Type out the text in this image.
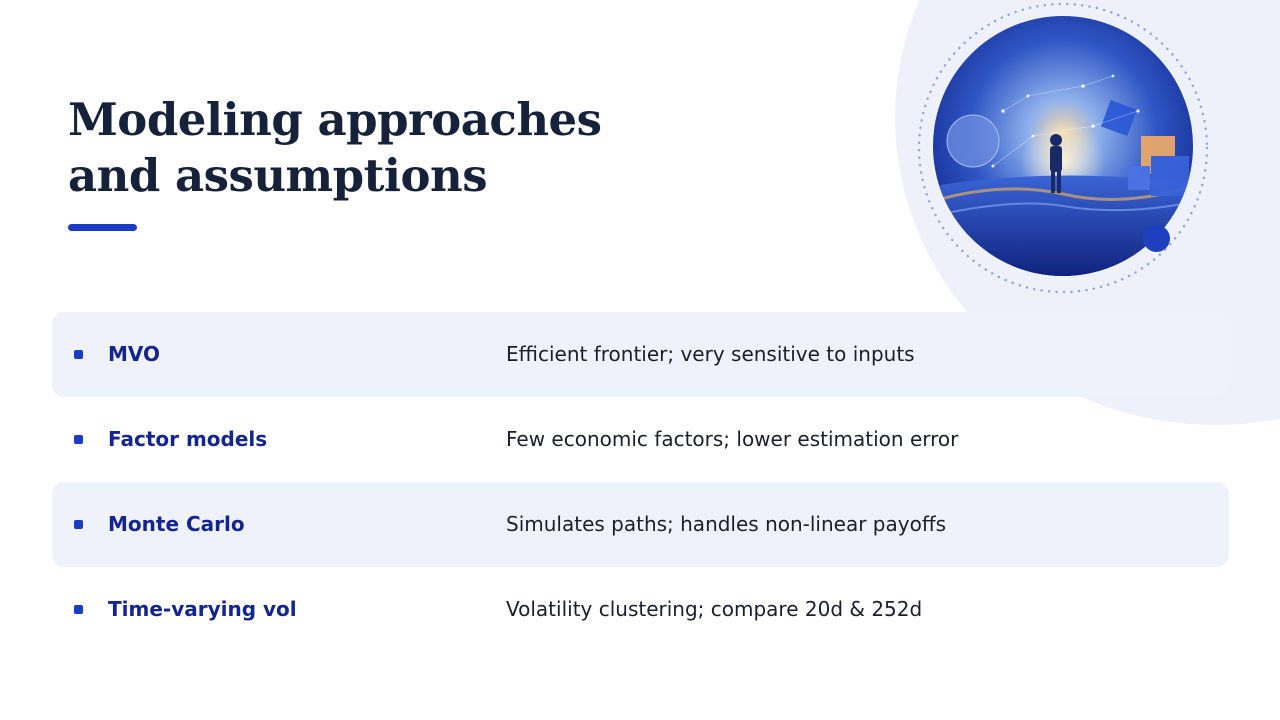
Modeling approaches and assumptions
MVO	Efficient frontier; very sensitive to inputs
Factor models	Few economic factors; lower estimation error
Monte Carlo	Simulates paths; handles non-linear payoffs
Time-varying vol	Volatility clustering; compare 20d & 252d
